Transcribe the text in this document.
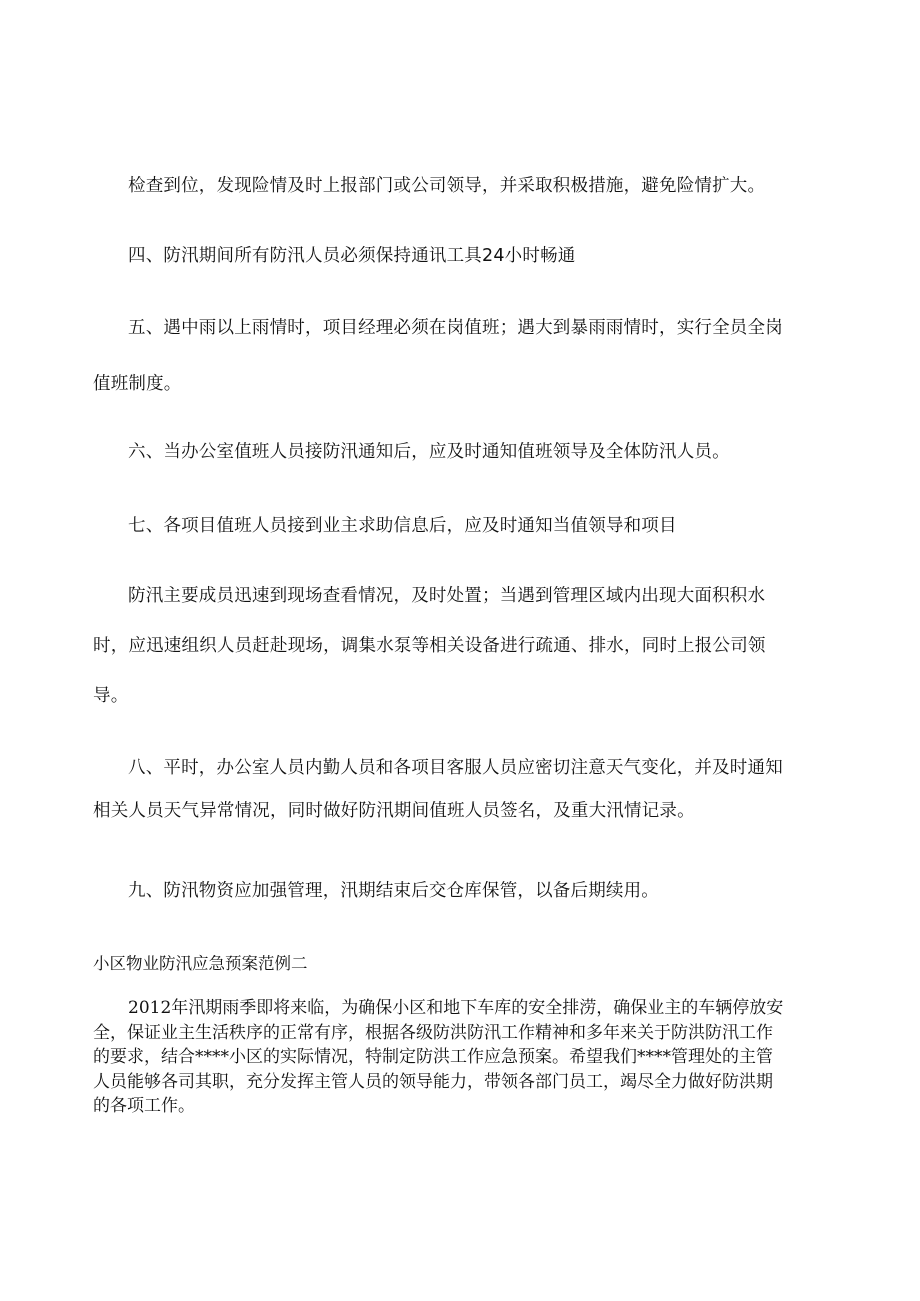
检查到位，发现险情及时上报部门或公司领导，并采取积极措施，避免险情扩大。
四、防汛期间所有防汛人员必须保持通讯工具24小时畅通
五、遇中雨以上雨情时，项目经理必须在岗值班；遇大到暴雨雨情时，实行全员全岗
值班制度。
六、当办公室值班人员接防汛通知后，应及时通知值班领导及全体防汛人员。
七、各项目值班人员接到业主求助信息后，应及时通知当值领导和项目
防汛主要成员迅速到现场查看情况，及时处置；当遇到管理区域内出现大面积积水
时，应迅速组织人员赶赴现场，调集水泵等相关设备进行疏通、排水，同时上报公司领
导。
八、平时，办公室人员内勤人员和各项目客服人员应密切注意天气变化，并及时通知
相关人员天气异常情况，同时做好防汛期间值班人员签名，及重大汛情记录。
九、防汛物资应加强管理，汛期结束后交仓库保管，以备后期续用。
小区物业防汛应急预案范例二
2012年汛期雨季即将来临，为确保小区和地下车库的安全排涝，确保业主的车辆停放安
全，保证业主生活秩序的正常有序，根据各级防洪防汛工作精神和多年来关于防洪防汛工作
的要求，结合****小区的实际情况，特制定防洪工作应急预案。希望我们****管理处的主管
人员能够各司其职，充分发挥主管人员的领导能力，带领各部门员工，竭尽全力做好防洪期
的各项工作。
